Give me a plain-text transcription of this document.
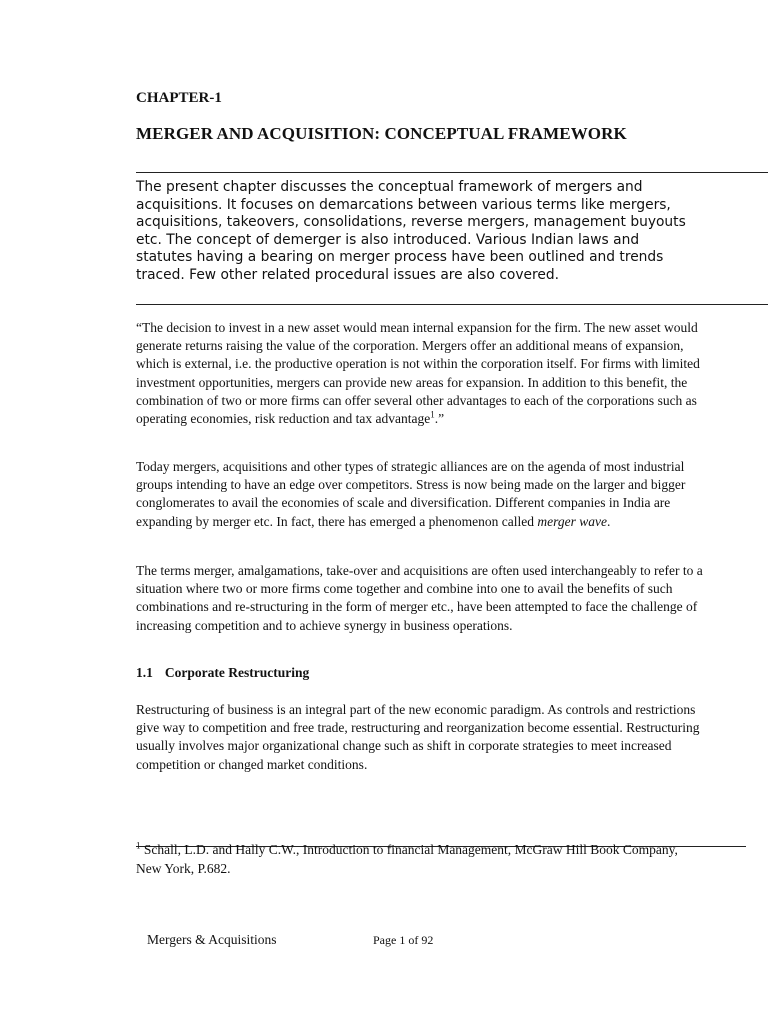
CHAPTER-1
MERGER AND ACQUISITION: CONCEPTUAL FRAMEWORK

The present chapter discusses the conceptual framework of mergers and acquisitions. It focuses on demarcations between various terms like mergers, acquisitions, takeovers, consolidations, reverse mergers, management buyouts etc. The concept of demerger is also introduced. Various Indian laws and statutes having a bearing on merger process have been outlined and trends traced. Few other related procedural issues are also covered.

“The decision to invest in a new asset would mean internal expansion for the firm. The new asset would generate returns raising the value of the corporation. Mergers offer an additional means of expansion, which is external, i.e. the productive operation is not within the corporation itself. For firms with limited investment opportunities, mergers can provide new areas for expansion. In addition to this benefit, the combination of two or more firms can offer several other advantages to each of the corporations such as operating economies, risk reduction and tax advantage$^1$.”

Today mergers, acquisitions and other types of strategic alliances are on the agenda of most industrial groups intending to have an edge over competitors. Stress is now being made on the larger and bigger conglomerates to avail the economies of scale and diversification. Different companies in India are expanding by merger etc. In fact, there has emerged a phenomenon called merger wave.

The terms merger, amalgamations, take-over and acquisitions are often used interchangeably to refer to a situation where two or more firms come together and combine into one to avail the benefits of such combinations and re-structuring in the form of merger etc., have been attempted to face the challenge of increasing competition and to achieve synergy in business operations.

1.1 Corporate Restructuring

Restructuring of business is an integral part of the new economic paradigm. As controls and restrictions give way to competition and free trade, restructuring and reorganization become essential. Restructuring usually involves major organizational change such as shift in corporate strategies to meet increased competition or changed market conditions.

$^1$ Schall, L.D. and Hally C.W., Introduction to financial Management, McGraw Hill Book Company, New York, P.682.

Mergers & Acquisitions	Page 1 of 92
